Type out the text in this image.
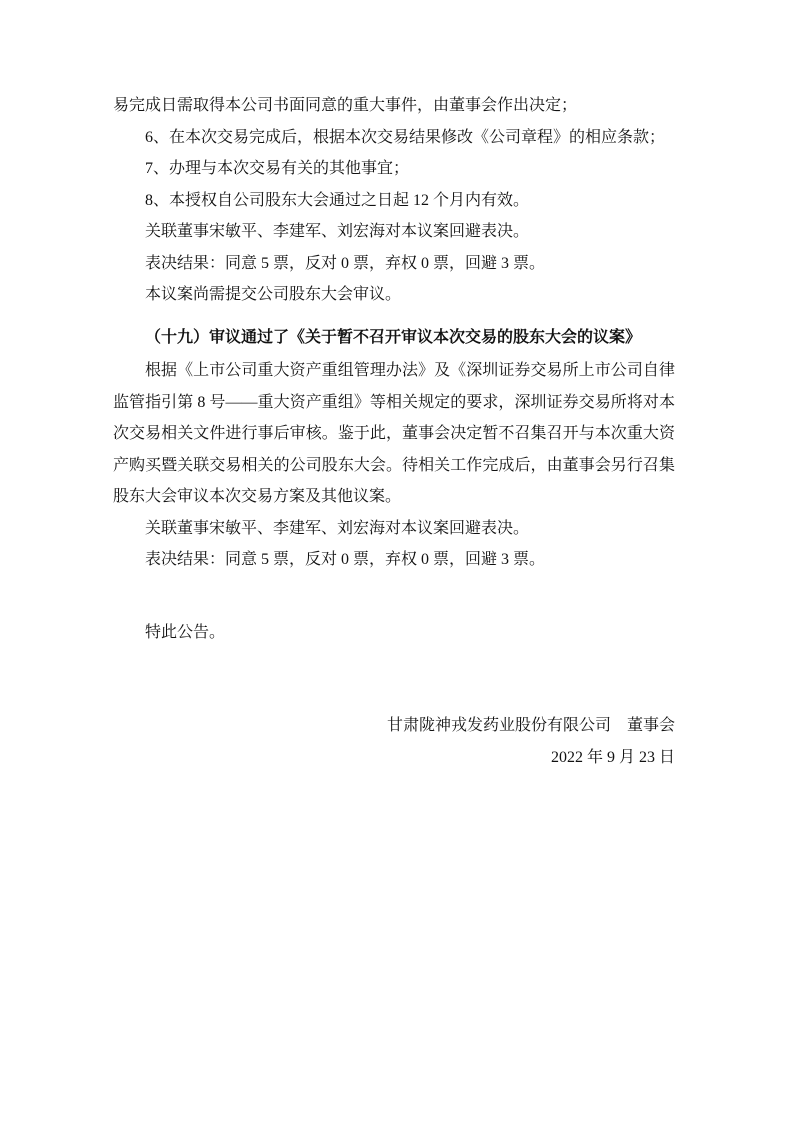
易完成日需取得本公司书面同意的重大事件，由董事会作出决定；

6、在本次交易完成后，根据本次交易结果修改《公司章程》的相应条款；

7、办理与本次交易有关的其他事宜；

8、本授权自公司股东大会通过之日起 12 个月内有效。

关联董事宋敏平、李建军、刘宏海对本议案回避表决。

表决结果：同意 5 票，反对 0 票，弃权 0 票，回避 3 票。

本议案尚需提交公司股东大会审议。

（十九）审议通过了《关于暂不召开审议本次交易的股东大会的议案》

根据《上市公司重大资产重组管理办法》及《深圳证券交易所上市公司自律监管指引第 8 号——重大资产重组》等相关规定的要求，深圳证券交易所将对本次交易相关文件进行事后审核。鉴于此，董事会决定暂不召集召开与本次重大资产购买暨关联交易相关的公司股东大会。待相关工作完成后，由董事会另行召集股东大会审议本次交易方案及其他议案。

关联董事宋敏平、李建军、刘宏海对本议案回避表决。

表决结果：同意 5 票，反对 0 票，弃权 0 票，回避 3 票。

特此公告。

甘肃陇神戎发药业股份有限公司　董事会

2022 年 9 月 23 日
